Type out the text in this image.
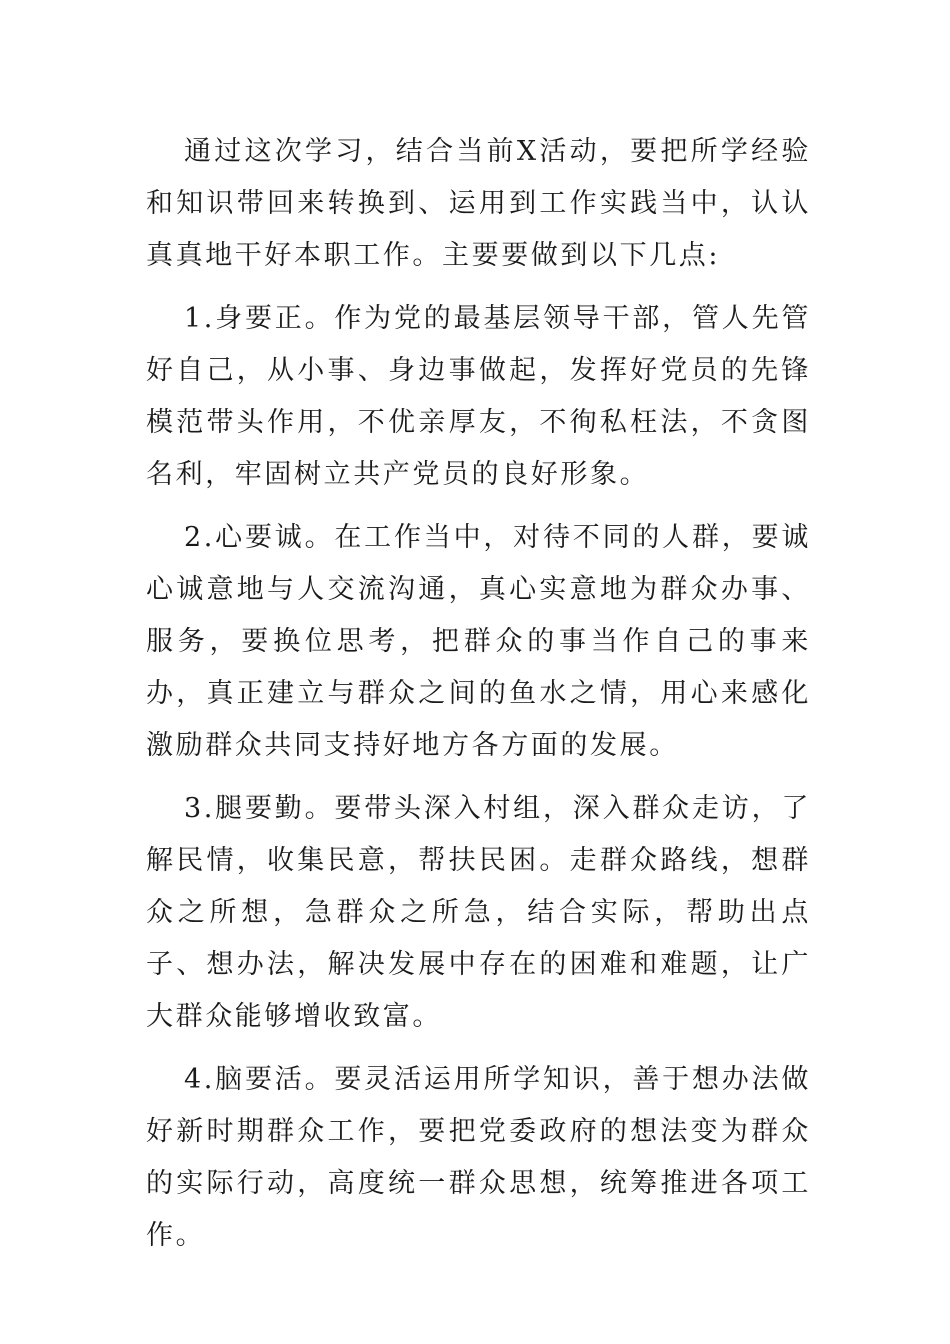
通过这次学习，结合当前X活动，要把所学经验和知识带回来转换到、运用到工作实践当中，认认真真地干好本职工作。主要要做到以下几点:

1.身要正。作为党的最基层领导干部，管人先管好自己，从小事、身边事做起，发挥好党员的先锋模范带头作用，不优亲厚友，不徇私枉法，不贪图名利，牢固树立共产党员的良好形象。

2.心要诚。在工作当中，对待不同的人群，要诚心诚意地与人交流沟通，真心实意地为群众办事、服务，要换位思考，把群众的事当作自己的事来办，真正建立与群众之间的鱼水之情，用心来感化激励群众共同支持好地方各方面的发展。

3.腿要勤。要带头深入村组，深入群众走访，了解民情，收集民意，帮扶民困。走群众路线，想群众之所想，急群众之所急，结合实际，帮助出点子、想办法，解决发展中存在的困难和难题，让广大群众能够增收致富。

4.脑要活。要灵活运用所学知识，善于想办法做好新时期群众工作，要把党委政府的想法变为群众的实际行动，高度统一群众思想，统筹推进各项工作。
